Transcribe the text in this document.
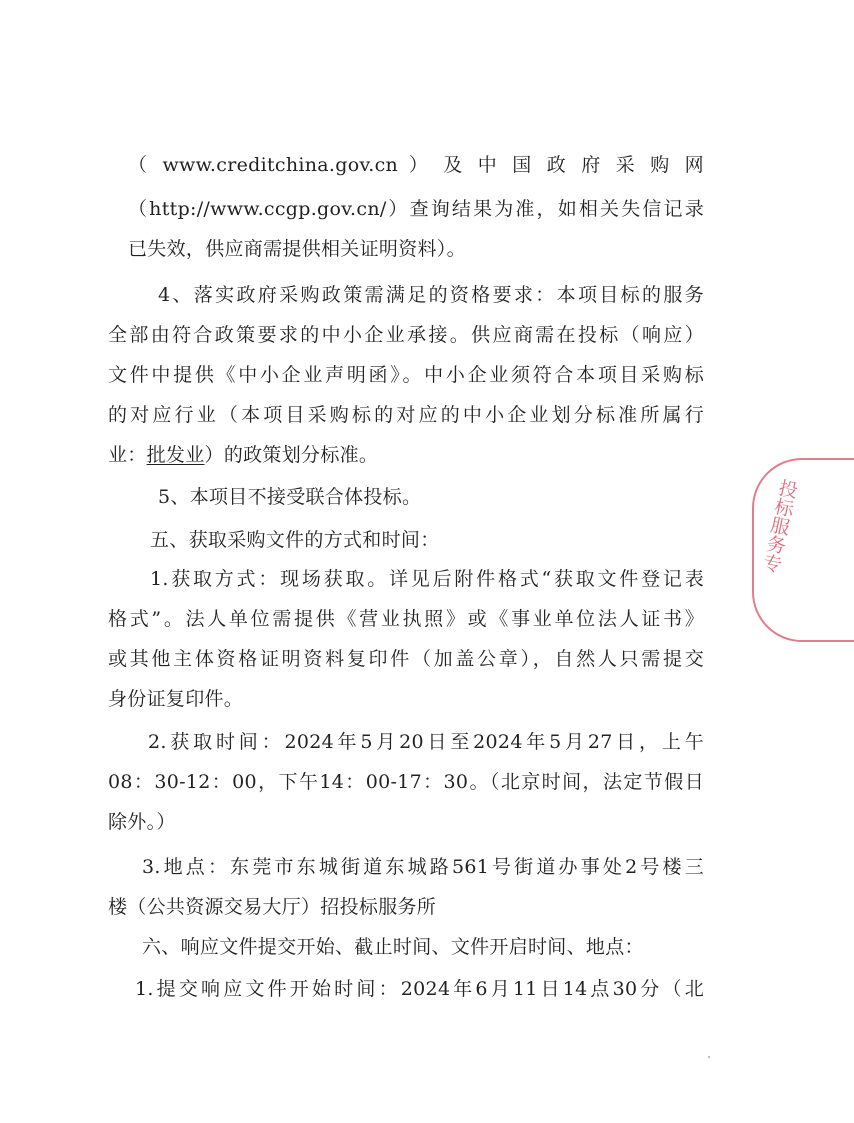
（ www.creditchina.gov.cn ） 及 中 国 政 府 采 购 网
（http://www.ccgp.gov.cn/）查询结果为准，如相关失信记录
已失效，供应商需提供相关证明资料）。
4、落实政府采购政策需满足的资格要求：本项目标的服务
全部由符合政策要求的中小企业承接。供应商需在投标（响应）
文件中提供《中小企业声明函》。中小企业须符合本项目采购标
的对应行业（本项目采购标的对应的中小企业划分标准所属行
业：批发业）的政策划分标准。
5、本项目不接受联合体投标。
五、获取采购文件的方式和时间：
1.获取方式：现场获取。详见后附件格式“获取文件登记表
格式”。法人单位需提供《营业执照》或《事业单位法人证书》
或其他主体资格证明资料复印件（加盖公章），自然人只需提交
身份证复印件。
2.获取时间：2024年5月20日至2024年5月27日，上午
08：30-12：00，下午14：00-17：30。（北京时间，法定节假日
除外。）
3.地点：东莞市东城街道东城路561号街道办事处2号楼三
楼（公共资源交易大厅）招投标服务所
六、响应文件提交开始、截止时间、文件开启时间、地点：
1.提交响应文件开始时间：2024年6月11日14点30分（北
投标服务专
